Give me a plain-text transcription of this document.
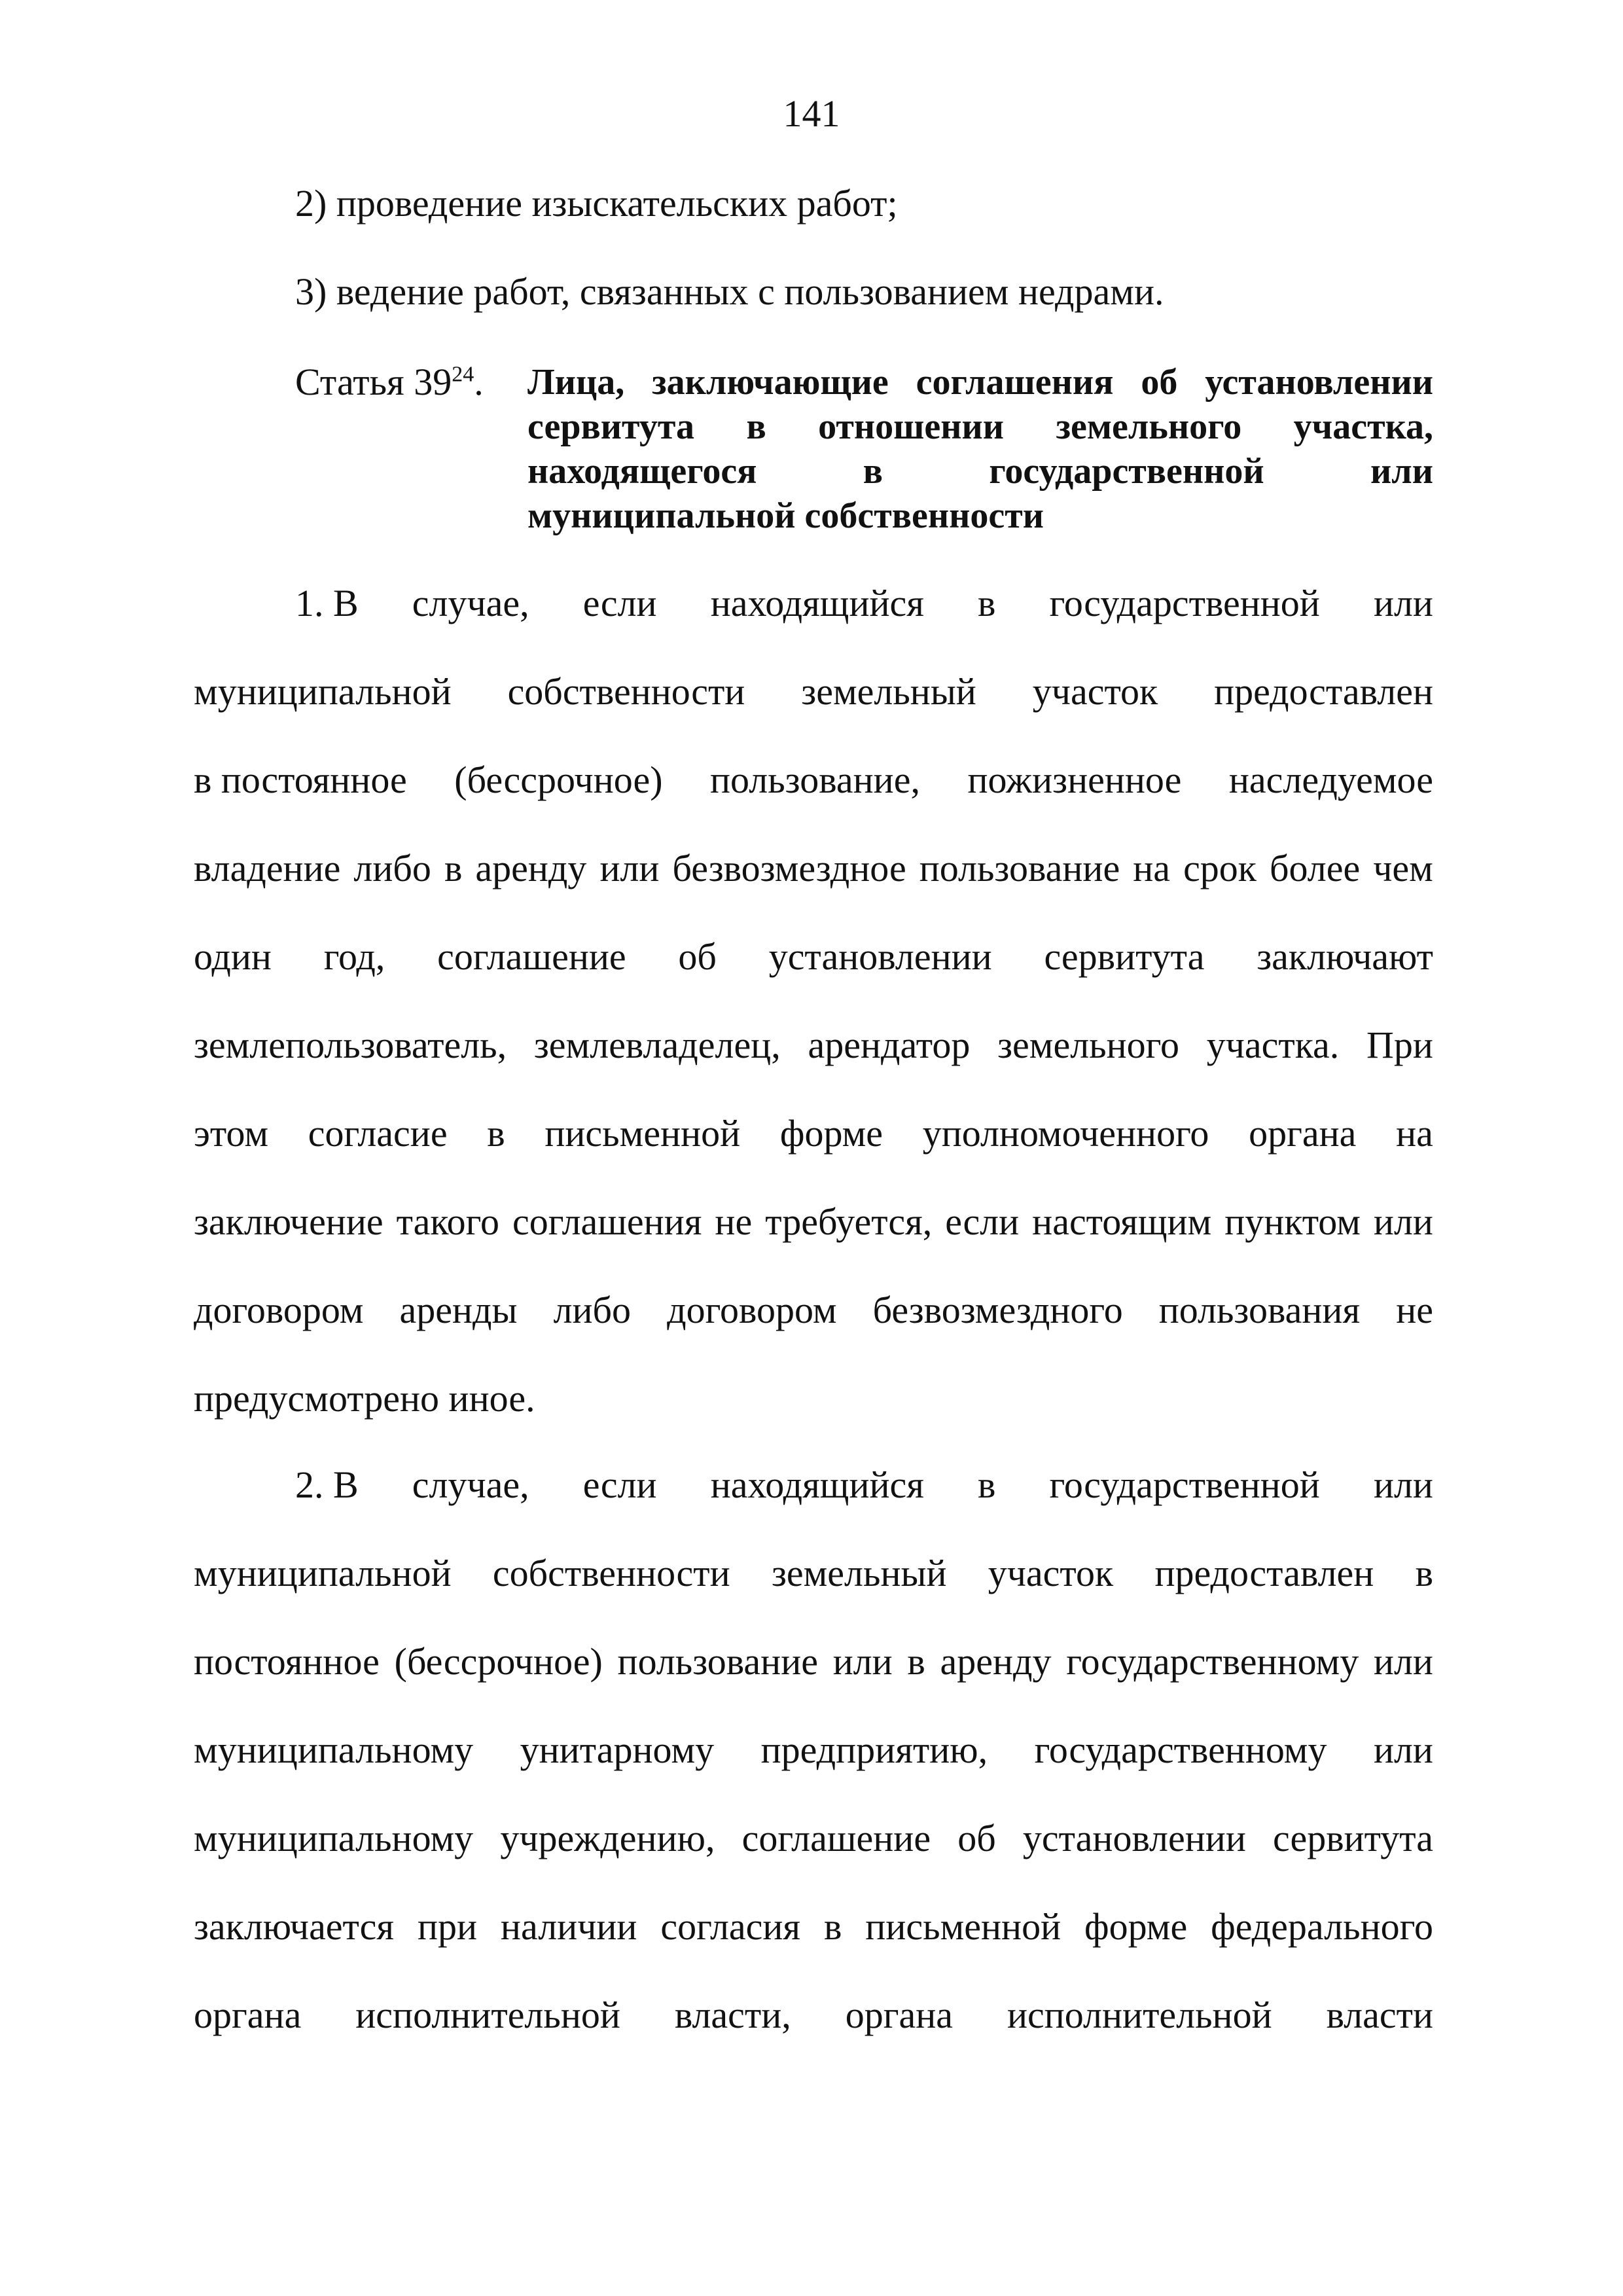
141
2) проведение изыскательских работ;
3) ведение работ, связанных с пользованием недрами.
Статья $39^{24}$. Лица, заключающие соглашения об установлении
сервитута в отношении земельного участка,
находящегося	в	государственной	или
муниципальной собственности
1. В случае, если находящийся в государственной или
муниципальной собственности земельный участок предоставлен
в постоянное (бессрочное) пользование, пожизненное наследуемое
владение либо в аренду или безвозмездное пользование на срок более чем
один год, соглашение об установлении сервитута заключают
землепользователь, землевладелец, арендатор земельного участка. При
этом согласие в письменной форме уполномоченного органа на
заключение такого соглашения не требуется, если настоящим пунктом или
договором аренды либо договором безвозмездного пользования не
предусмотрено иное.
2. В случае, если находящийся в государственной или
муниципальной собственности земельный участок предоставлен в
постоянное (бессрочное) пользование или в аренду государственному или
муниципальному унитарному предприятию, государственному или
муниципальному учреждению, соглашение об установлении сервитута
заключается при наличии согласия в письменной форме федерального
органа исполнительной власти, органа исполнительной власти
